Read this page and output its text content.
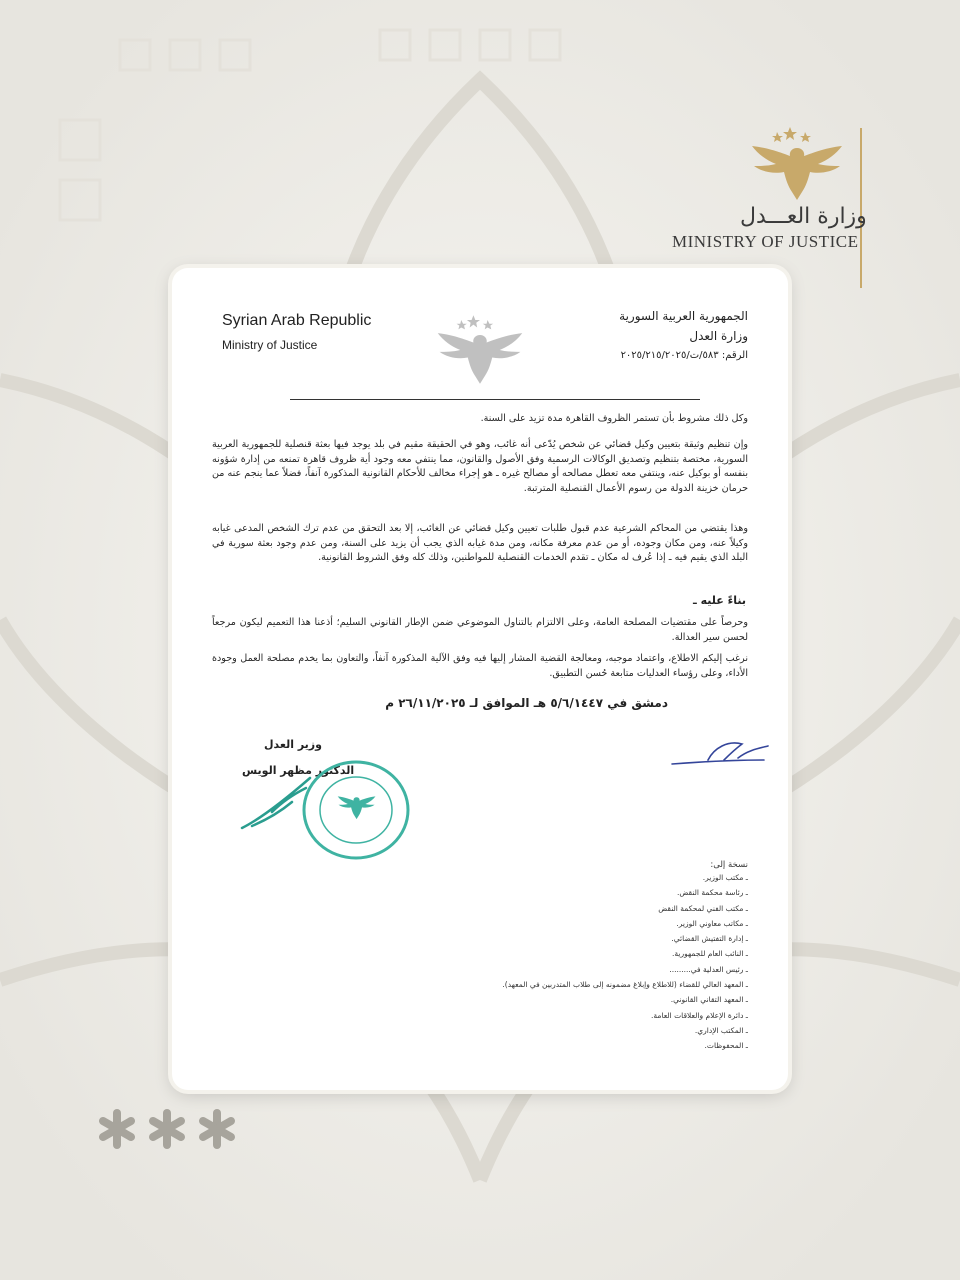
وزارة العـــدل
MINISTRY OF JUSTICE
Syrian Arab Republic
Ministry of Justice
الجمهورية العربية السورية
وزارة العدل
الرقم: ٥٨٣/ت/٢٠٢٥/٢١٥/٢٠٢٥
وكل ذلك مشروط بأن تستمر الظروف القاهرة مدة تزيد على السنة.
وإن تنظيم وثيقة بتعيين وكيل قضائي عن شخص يُدّعى أنه غائب، وهو في الحقيقة مقيم في بلد يوجد فيها بعثة قنصلية للجمهورية العربية السورية، مختصة بتنظيم وتصديق الوكالات الرسمية وفق الأصول والقانون، مما ينتفي معه وجود أية ظروف قاهرة تمنعه من إدارة شؤونه بنفسه أو بوكيل عنه، وينتفي معه تعطل مصالحه أو مصالح غيره ـ هو إجراء مخالف للأحكام القانونية المذكورة آنفاً، فضلاً عما ينجم عنه من حرمان خزينة الدولة من رسوم الأعمال القنصلية المترتبة.
وهذا يقتضي من المحاكم الشرعية عدم قبول طلبات تعيين وكيل قضائي عن الغائب، إلا بعد التحقق من عدم ترك الشخص المدعى غيابه وكيلاً عنه، ومن مكان وجوده، أو من عدم معرفة مكانه، ومن مدة غيابه الذي يجب أن يزيد على السنة، ومن عدم وجود بعثة سورية في البلد الذي يقيم فيه ـ إذا عُرف له مكان ـ تقدم الخدمات القنصلية للمواطنين، وذلك كله وفق الشروط القانونية.
بناءً عليه ـ
وحرصاً على مقتضيات المصلحة العامة، وعلى الالتزام بالتناول الموضوعي ضمن الإطار القانوني السليم؛ أذعنا هذا التعميم ليكون مرجعاً لحسن سير العدالة.
نرغب إليكم الاطلاع، واعتماد موجبه، ومعالجة القضية المشار إليها فيه وفق الآلية المذكورة آنفاً، والتعاون بما يخدم مصلحة العمل وجودة الأداء، وعلى رؤساء العدليات متابعة حُسن التطبيق.
دمشق في ٥/٦/١٤٤٧ هـ الموافق لـ ٢٦/١١/٢٠٢٥ م
وزير العدل
الدكتور مظهر الويس
نسخة إلى:
ـ مكتب الوزير.
ـ رئاسة محكمة النقض.
ـ مكتب الفني لمحكمة النقض
ـ مكاتب معاوني الوزير.
ـ إدارة التفتيش القضائي.
ـ النائب العام للجمهورية.
ـ رئيس العدلية في.........
ـ المعهد العالي للقضاء (للاطلاع وإبلاغ مضمونه إلى طلاب المتدربين في المعهد).
ـ المعهد التقاني القانوني.
ـ دائرة الإعلام والعلاقات العامة.
ـ المكتب الإداري.
ـ المحفوظات.
